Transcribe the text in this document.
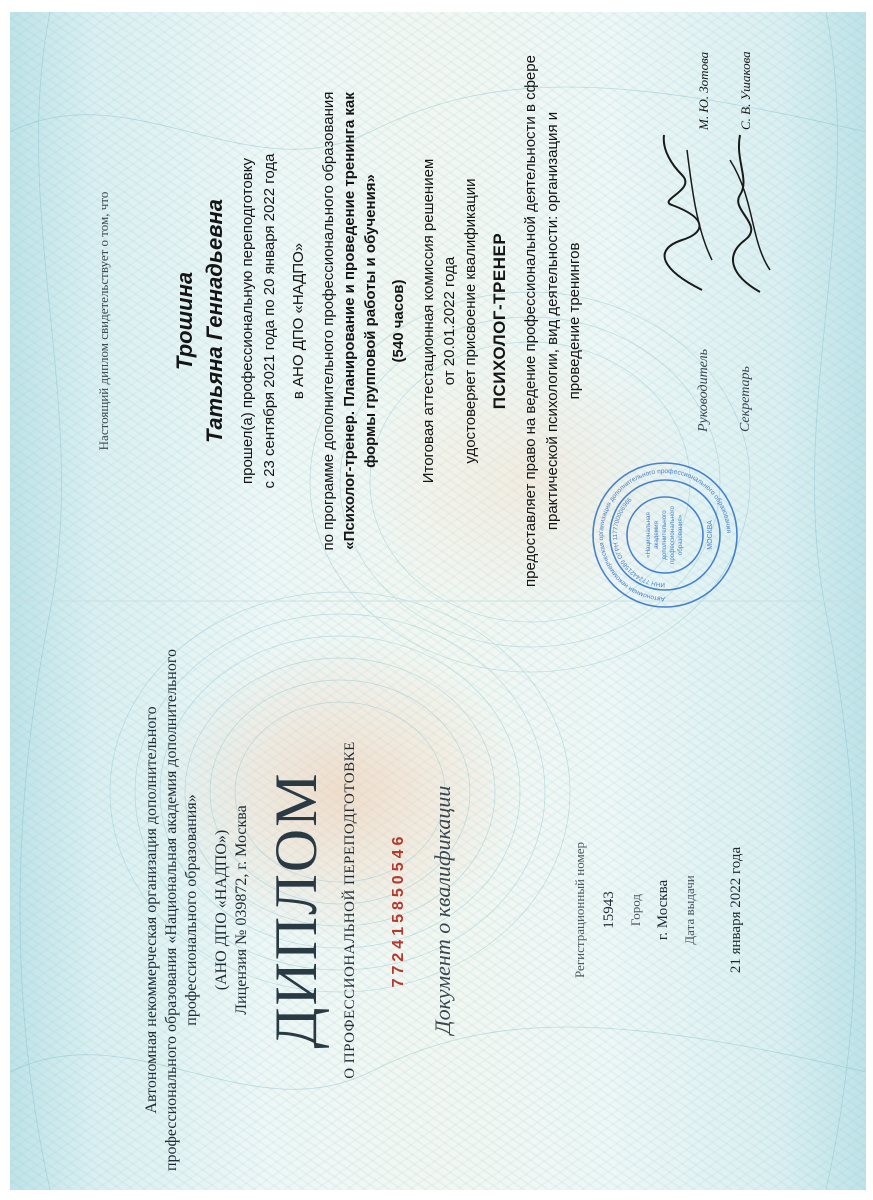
Автономная некоммерческая организация дополнительного профессионального образования «Национальная академия дополнительного профессионального образования» (АНО ДПО «НАДПО») Лицензия № 039872, г. Москва ДИПЛОМ О ПРОФЕССИОНАЛЬНОЙ ПЕРЕПОДГОТОВКЕ 772415850546 Документ о квалификации	Регистрационный номер 15943 Город г. Москва Дата выдачи 21 января 2022 года
Настоящий диплом свидетельствует о том, что	Трошина Татьяна Геннадьевна прошел(а) профессиональную переподготовку с 23 сентября 2021 года по 20 января 2022 года в АНО ДПО «НАДПО» по программе дополнительного профессионального образования «Психолог-тренер. Планирование и проведение тренинга как формы групповой работы и обучения» (540 часов) Итоговая аттестационная комиссия решением от 20.01.2022 года удостоверяет присвоение квалификации ПСИХОЛОГ-ТРЕНЕР предоставляет право на ведение профессиональной деятельности в сфере практической психологии, вид деятельности: организация и проведение тренингов	Руководитель
М. Ю. Зотова
Секретарь
С. В. Ушакова
Автономная некоммерческая организация дополнительного профессионального образования
ИНН 7724421589 ОГРН 1177700006966
МОСКВА
«Национальная академия дополнительного профессионального образования»
